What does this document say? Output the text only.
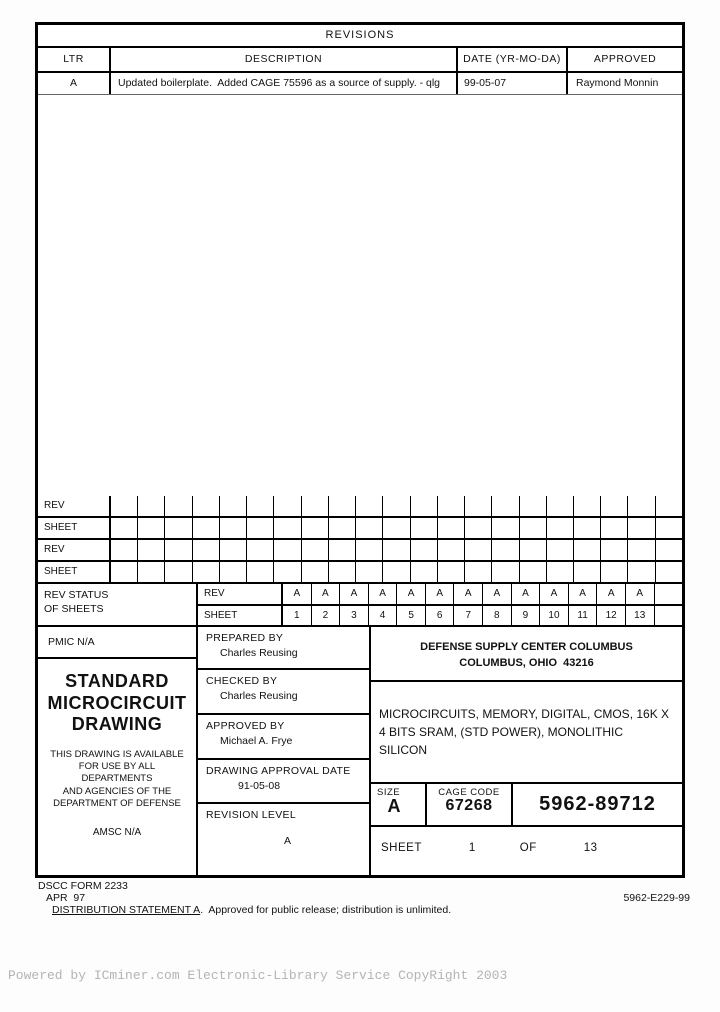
REVISIONS
LTR	DESCRIPTION	DATE (YR-MO-DA)	APPROVED
A	Updated boilerplate.  Added CAGE 75596 as a source of supply. - qlg	99-05-07	Raymond Monnin
REV
SHEET
REV
SHEET
REV STATUS
OF SHEETS
REV	A	A	A	A	A	A	A	A	A	A	A	A	A
SHEET	1	2	3	4	5	6	7	8	9	10	11	12	13
PMIC N/A
STANDARD
MICROCIRCUIT
DRAWING
THIS DRAWING IS AVAILABLE
FOR USE BY ALL
DEPARTMENTS
AND AGENCIES OF THE
DEPARTMENT OF DEFENSE
AMSC N/A
PREPARED BY
Charles Reusing
CHECKED BY
Charles Reusing
APPROVED BY
Michael A. Frye
DRAWING APPROVAL DATE
91-05-08
REVISION LEVEL
A
DEFENSE SUPPLY CENTER COLUMBUS
COLUMBUS, OHIO  43216
MICROCIRCUITS, MEMORY, DIGITAL, CMOS, 16K X 4 BITS SRAM, (STD POWER), MONOLITHIC SILICON
SIZE
A
CAGE CODE
67268	5962-89712
SHEET	1	OF	13
DSCC FORM 2233
APR  97	5962-E229-99
DISTRIBUTION STATEMENT A.  Approved for public release; distribution is unlimited.
Powered by ICminer.com Electronic-Library Service CopyRight 2003
